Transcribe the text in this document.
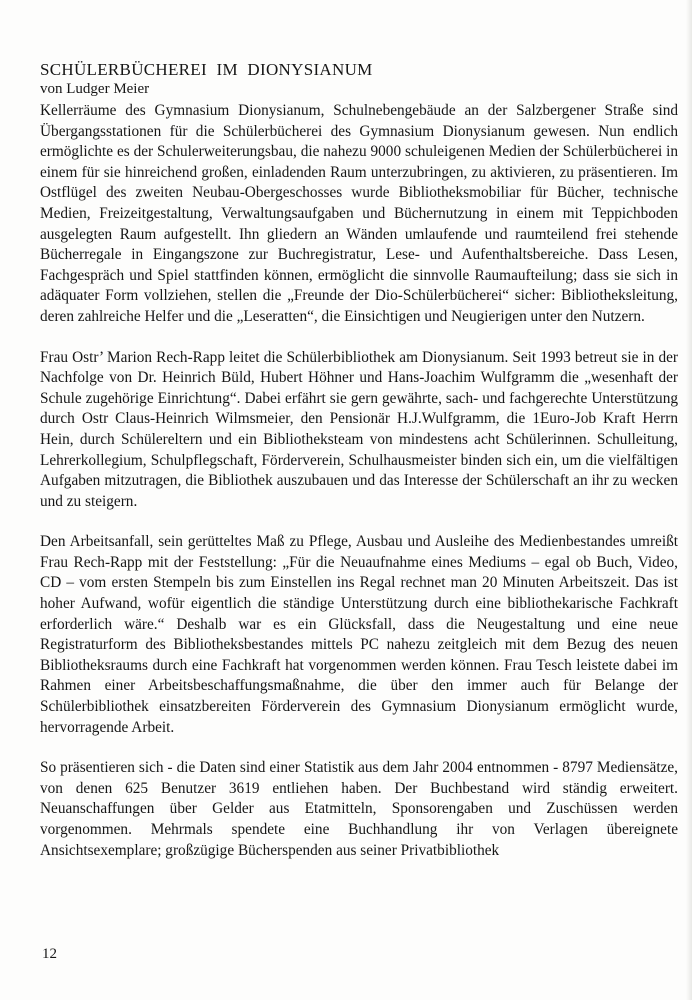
SCHÜLERBÜCHEREI IM DIONYSIANUM

von Ludger Meier

Kellerräume des Gymnasium Dionysianum, Schulnebengebäude an der Salzbergener Straße sind Übergangsstationen für die Schülerbücherei des Gymnasium Dionysianum gewesen. Nun endlich ermöglichte es der Schulerweiterungsbau, die nahezu 9000 schuleigenen Medien der Schülerbücherei in einem für sie hinreichend großen, einladenden Raum unterzubringen, zu aktivieren, zu präsentieren. Im Ostflügel des zweiten Neubau-Obergeschosses wurde Bibliotheksmobiliar für Bücher, technische Medien, Freizeitgestaltung, Verwaltungsaufgaben und Büchernutzung in einem mit Teppichboden ausgelegten Raum aufgestellt. Ihn gliedern an Wänden umlaufende und raumteilend frei stehende Bücherregale in Eingangszone zur Buchregistratur, Lese- und Aufenthaltsbereiche. Dass Lesen, Fachgespräch und Spiel stattfinden können, ermöglicht die sinnvolle Raumaufteilung; dass sie sich in adäquater Form vollziehen, stellen die „Freunde der Dio-Schülerbücherei“ sicher: Bibliotheksleitung, deren zahlreiche Helfer und die „Leseratten“, die Einsichtigen und Neugierigen unter den Nutzern.

Frau Ostr’ Marion Rech-Rapp leitet die Schülerbibliothek am Dionysianum. Seit 1993 betreut sie in der Nachfolge von Dr. Heinrich Büld, Hubert Höhner und Hans-Joachim Wulfgramm die „wesenhaft der Schule zugehörige Einrichtung“. Dabei erfährt sie gern gewährte, sach- und fachgerechte Unterstützung durch Ostr Claus-Heinrich Wilmsmeier, den Pensionär H.J.Wulfgramm, die 1Euro-Job Kraft Herrn Hein, durch Schülereltern und ein Bibliotheksteam von mindestens acht Schülerinnen. Schulleitung, Lehrerkollegium, Schulpflegschaft, Förderverein, Schulhausmeister binden sich ein, um die vielfältigen Aufgaben mitzutragen, die Bibliothek auszubauen und das Interesse der Schülerschaft an ihr zu wecken und zu steigern.

Den Arbeitsanfall, sein gerütteltes Maß zu Pflege, Ausbau und Ausleihe des Medienbestandes umreißt Frau Rech-Rapp mit der Feststellung: „Für die Neuaufnahme eines Mediums – egal ob Buch, Video, CD – vom ersten Stempeln bis zum Einstellen ins Regal rechnet man 20 Minuten Arbeitszeit. Das ist hoher Aufwand, wofür eigentlich die ständige Unterstützung durch eine bibliothekarische Fachkraft erforderlich wäre.“ Deshalb war es ein Glücksfall, dass die Neugestaltung und eine neue Registraturform des Bibliotheksbestandes mittels PC nahezu zeitgleich mit dem Bezug des neuen Bibliotheksraums durch eine Fachkraft hat vorgenommen werden können. Frau Tesch leistete dabei im Rahmen einer Arbeitsbeschaffungsmaßnahme, die über den immer auch für Belange der Schülerbibliothek einsatzbereiten Förderverein des Gymnasium Dionysianum ermöglicht wurde, hervorragende Arbeit.

So präsentieren sich - die Daten sind einer Statistik aus dem Jahr 2004 entnommen - 8797 Mediensätze, von denen 625 Benutzer 3619 entliehen haben. Der Buchbestand wird ständig erweitert. Neuanschaffungen über Gelder aus Etatmitteln, Sponsorengaben und Zuschüssen werden vorgenommen. Mehrmals spendete eine Buchhandlung ihr von Verlagen übereignete Ansichtsexemplare; großzügige Bücherspenden aus seiner Privatbibliothek

12
